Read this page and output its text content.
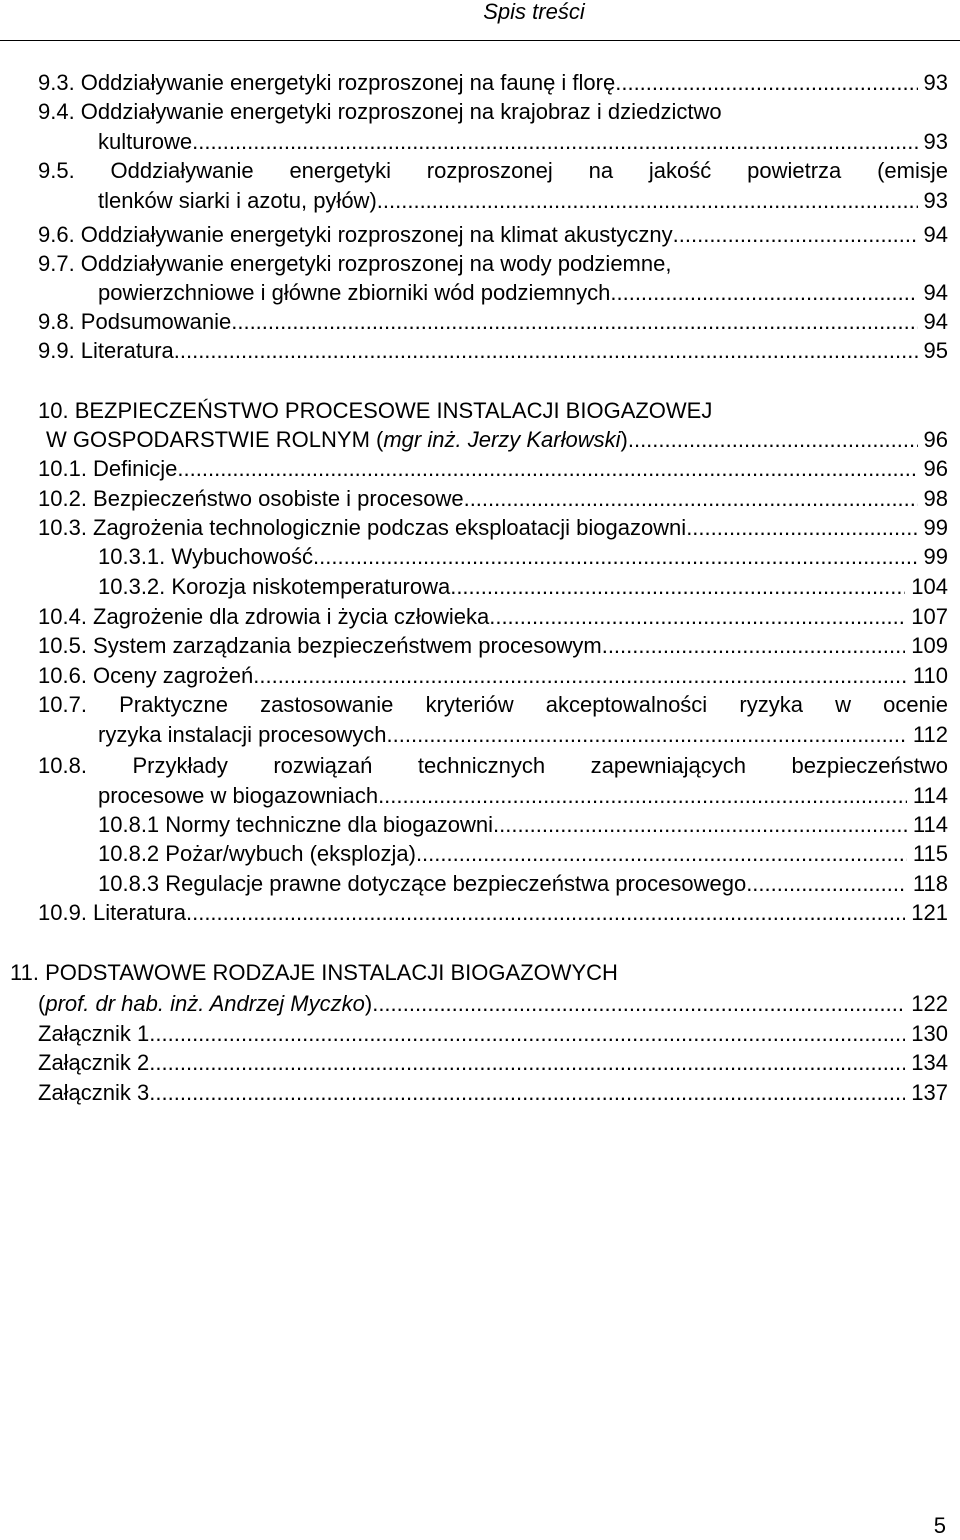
Spis treści
9.3. Oddziaływanie energetyki rozproszonej na faunę i florę .....	93
9.4. Oddziaływanie energetyki rozproszonej na krajobraz i dziedzictwo
kulturowe .....	93
9.5. Oddziaływanie energetyki rozproszonej na jakość powietrza (emisje
tlenków siarki i azotu, pyłów) .....	93
9.6. Oddziaływanie energetyki rozproszonej na klimat akustyczny .....	94
9.7. Oddziaływanie energetyki rozproszonej na wody podziemne,
powierzchniowe i główne zbiorniki wód podziemnych .....	94
9.8. Podsumowanie .....	94
9.9. Literatura .....	95
10. BEZPIECZEŃSTWO PROCESOWE INSTALACJI BIOGAZOWEJ
W GOSPODARSTWIE ROLNYM (mgr inż. Jerzy Karłowski) .....	96
10.1. Definicje .....	96
10.2. Bezpieczeństwo osobiste i procesowe .....	98
10.3. Zagrożenia technologicznie podczas eksploatacji biogazowni .....	99
10.3.1. Wybuchowość .....	99
10.3.2. Korozja niskotemperaturowa .....	104
10.4. Zagrożenie dla zdrowia i życia człowieka .....	107
10.5. System zarządzania bezpieczeństwem procesowym .....	109
10.6. Oceny zagrożeń .....	110
10.7. Praktyczne zastosowanie kryteriów akceptowalności ryzyka w ocenie
ryzyka instalacji procesowych .....	112
10.8. Przykłady rozwiązań technicznych zapewniających bezpieczeństwo
procesowe w biogazowniach .....	114
10.8.1 Normy techniczne dla biogazowni. .....	114
10.8.2 Pożar/wybuch (eksplozja) .....	115
10.8.3 Regulacje prawne dotyczące bezpieczeństwa procesowego .....	118
10.9. Literatura .....	121
11. PODSTAWOWE RODZAJE INSTALACJI BIOGAZOWYCH
(prof. dr hab. inż. Andrzej Myczko) .....	122
Załącznik 1 .....	130
Załącznik 2 .....	134
Załącznik 3 .....	137
5
